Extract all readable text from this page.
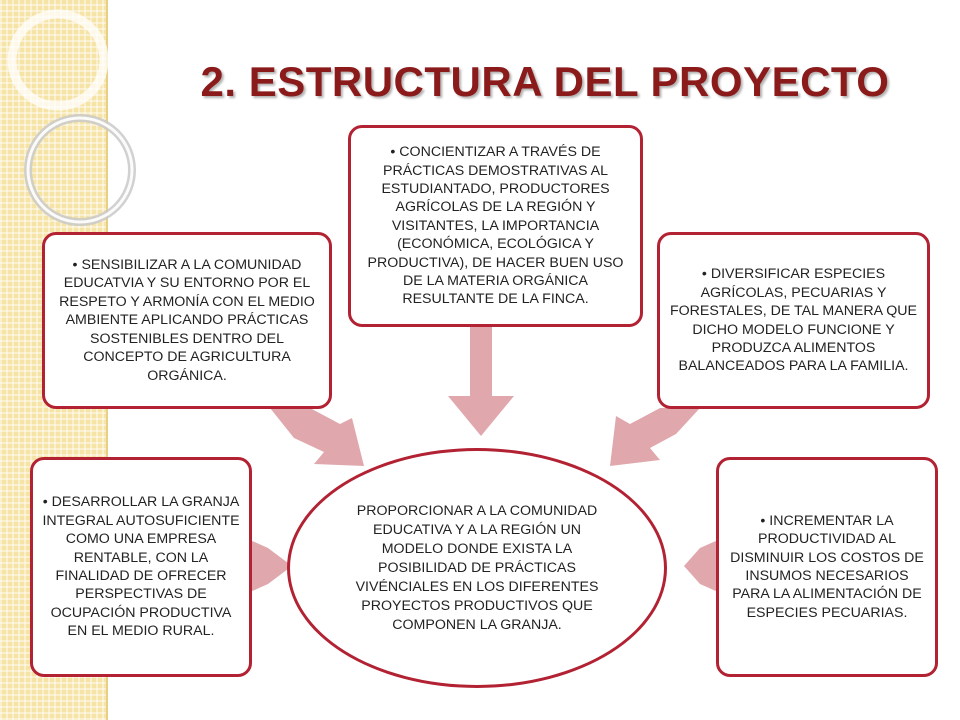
2. ESTRUCTURA DEL PROYECTO
PROPORCIONAR A LA COMUNIDAD EDUCATIVA Y A LA REGIÓN UN MODELO DONDE EXISTA LA POSIBILIDAD DE PRÁCTICAS VIVÉNCIALES EN LOS DIFERENTES PROYECTOS PRODUCTIVOS QUE COMPONEN LA GRANJA.
• CONCIENTIZAR A TRAVÉS DE PRÁCTICAS DEMOSTRATIVAS AL ESTUDIANTADO, PRODUCTORES AGRÍCOLAS DE LA REGIÓN Y VISITANTES, LA IMPORTANCIA (ECONÓMICA, ECOLÓGICA Y PRODUCTIVA), DE HACER BUEN USO DE LA MATERIA ORGÁNICA RESULTANTE DE LA FINCA.
• SENSIBILIZAR A LA COMUNIDAD EDUCATVIA Y SU ENTORNO POR EL RESPETO Y ARMONÍA CON EL MEDIO AMBIENTE APLICANDO PRÁCTICAS SOSTENIBLES DENTRO DEL CONCEPTO DE AGRICULTURA ORGÁNICA.
• DIVERSIFICAR ESPECIES AGRÍCOLAS, PECUARIAS Y FORESTALES, DE TAL MANERA QUE DICHO MODELO FUNCIONE Y PRODUZCA ALIMENTOS BALANCEADOS PARA LA FAMILIA.
• DESARROLLAR LA GRANJA INTEGRAL AUTOSUFICIENTE COMO UNA EMPRESA RENTABLE, CON LA FINALIDAD DE OFRECER PERSPECTIVAS DE OCUPACIÓN PRODUCTIVA EN EL MEDIO RURAL.
• INCREMENTAR LA PRODUCTIVIDAD AL DISMINUIR LOS COSTOS DE INSUMOS NECESARIOS PARA LA ALIMENTACIÓN DE ESPECIES PECUARIAS.
